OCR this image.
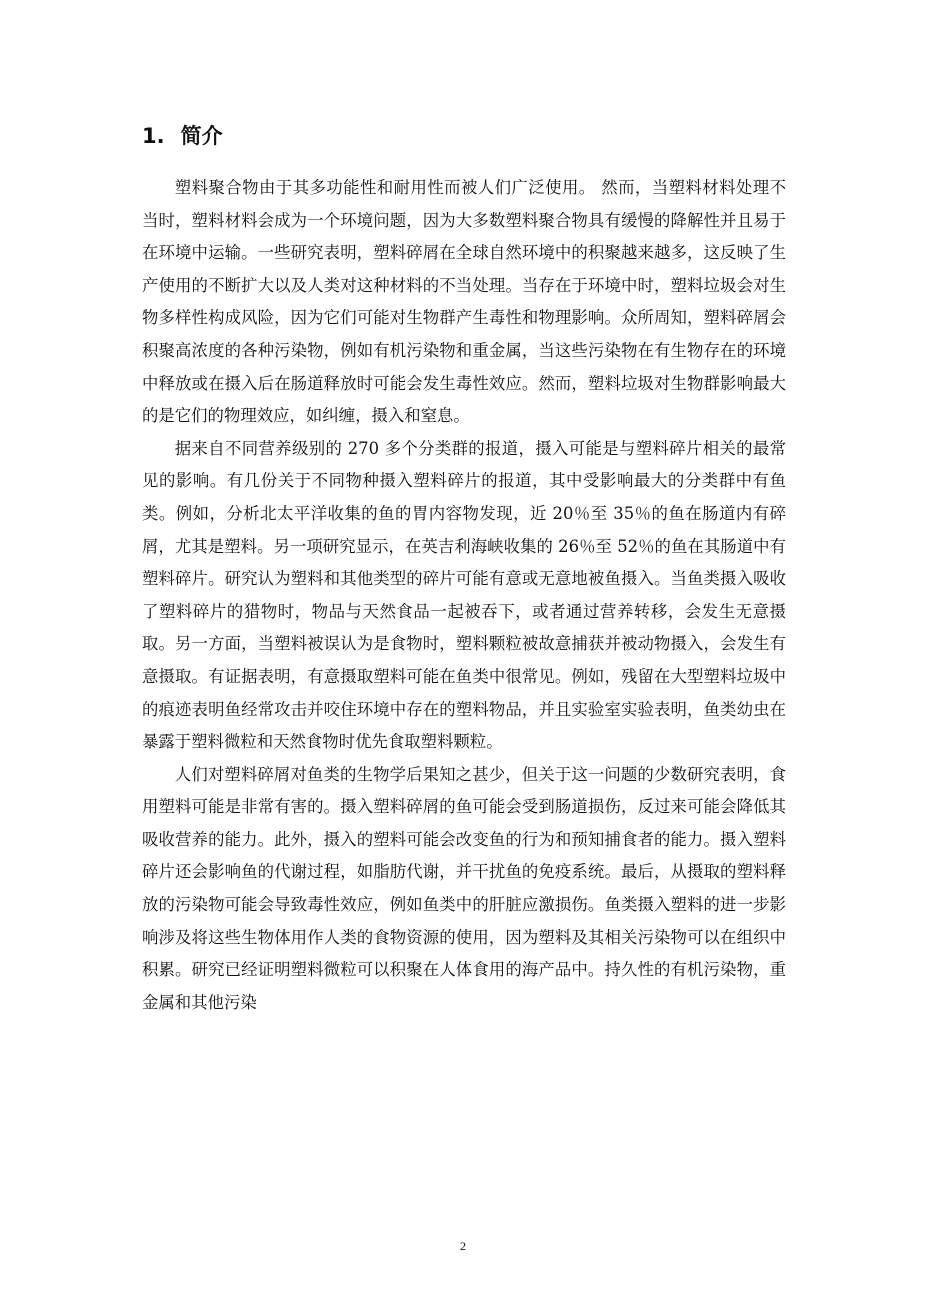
1. 简介

塑料聚合物由于其多功能性和耐用性而被人们广泛使用。 然而，当塑料材料处理不当时，塑料材料会成为一个环境问题，因为大多数塑料聚合物具有缓慢的降解性并且易于在环境中运输。一些研究表明，塑料碎屑在全球自然环境中的积聚越来越多，这反映了生产使用的不断扩大以及人类对这种材料的不当处理。当存在于环境中时，塑料垃圾会对生物多样性构成风险，因为它们可能对生物群产生毒性和物理影响。众所周知，塑料碎屑会积聚高浓度的各种污染物，例如有机污染物和重金属，当这些污染物在有生物存在的环境中释放或在摄入后在肠道释放时可能会发生毒性效应。然而，塑料垃圾对生物群影响最大的是它们的物理效应，如纠缠，摄入和窒息。

据来自不同营养级别的 270 多个分类群的报道，摄入可能是与塑料碎片相关的最常见的影响。有几份关于不同物种摄入塑料碎片的报道，其中受影响最大的分类群中有鱼类。例如，分析北太平洋收集的鱼的胃内容物发现，近 20％至 35％的鱼在肠道内有碎屑，尤其是塑料。另一项研究显示，在英吉利海峡收集的 26％至 52％的鱼在其肠道中有塑料碎片。研究认为塑料和其他类型的碎片可能有意或无意地被鱼摄入。当鱼类摄入吸收了塑料碎片的猎物时，物品与天然食品一起被吞下，或者通过营养转移，会发生无意摄取。另一方面，当塑料被误认为是食物时，塑料颗粒被故意捕获并被动物摄入，会发生有意摄取。有证据表明，有意摄取塑料可能在鱼类中很常见。例如，残留在大型塑料垃圾中的痕迹表明鱼经常攻击并咬住环境中存在的塑料物品，并且实验室实验表明，鱼类幼虫在暴露于塑料微粒和天然食物时优先食取塑料颗粒。

人们对塑料碎屑对鱼类的生物学后果知之甚少，但关于这一问题的少数研究表明，食用塑料可能是非常有害的。摄入塑料碎屑的鱼可能会受到肠道损伤，反过来可能会降低其吸收营养的能力。此外，摄入的塑料可能会改变鱼的行为和预知捕食者的能力。摄入塑料碎片还会影响鱼的代谢过程，如脂肪代谢，并干扰鱼的免疫系统。最后，从摄取的塑料释放的污染物可能会导致毒性效应，例如鱼类中的肝脏应激损伤。鱼类摄入塑料的进一步影响涉及将这些生物体用作人类的食物资源的使用，因为塑料及其相关污染物可以在组织中积累。研究已经证明塑料微粒可以积聚在人体食用的海产品中。持久性的有机污染物，重金属和其他污染

2
